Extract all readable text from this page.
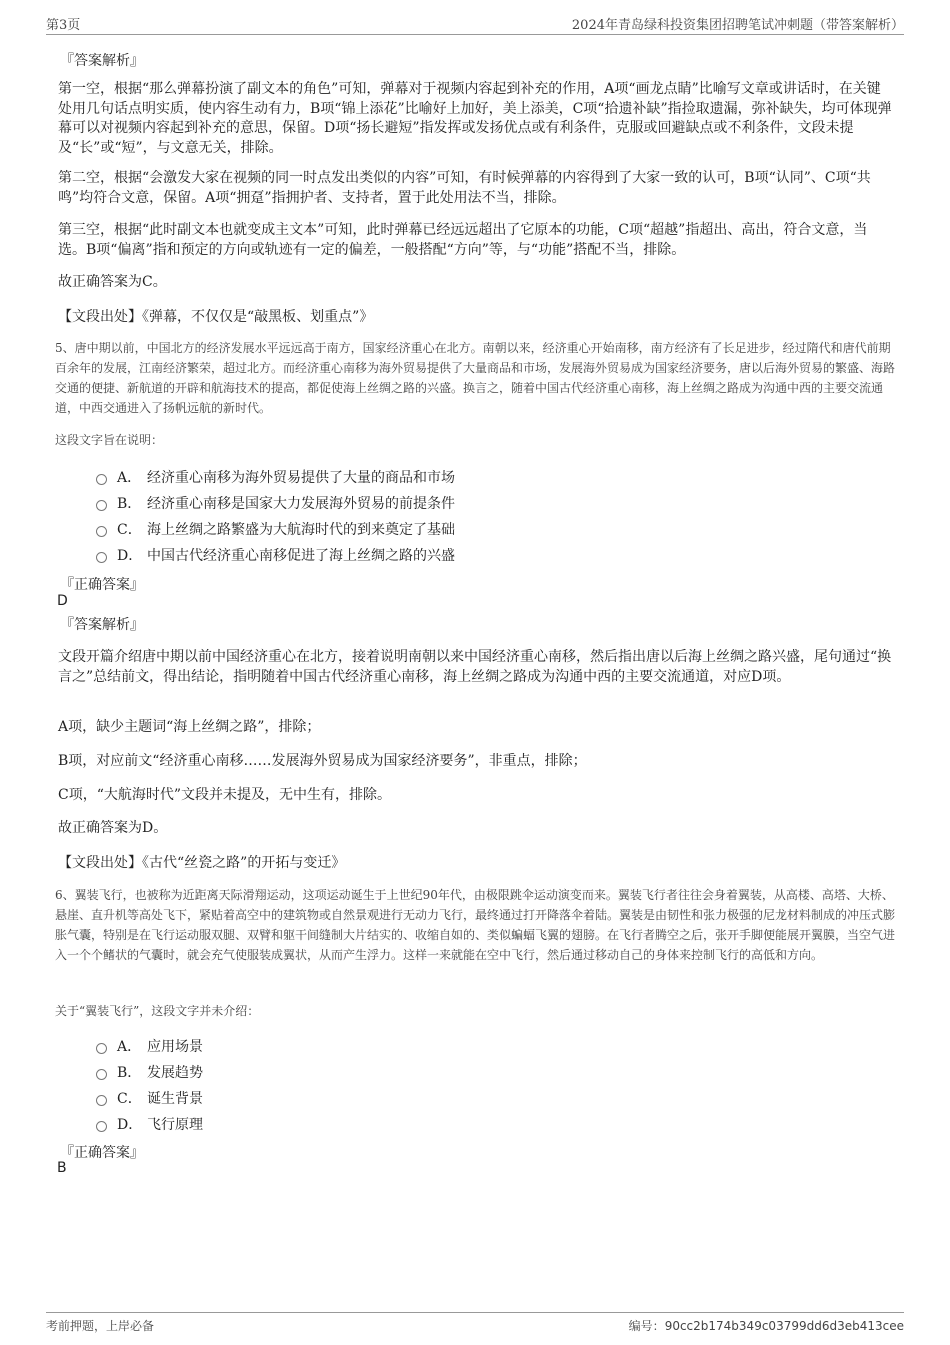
第3页	2024年青岛绿科投资集团招聘笔试冲刺题（带答案解析）
『答案解析』

第一空，根据“那么弹幕扮演了副文本的角色”可知，弹幕对于视频内容起到补充的作用，A项“画龙点睛”比喻写文章或讲话时，在关键处用几句话点明实质，使内容生动有力，B项“锦上添花”比喻好上加好，美上添美，C项“拾遗补缺”指捡取遗漏，弥补缺失，均可体现弹幕可以对视频内容起到补充的意思，保留。D项“扬长避短”指发挥或发扬优点或有利条件，克服或回避缺点或不利条件，文段未提及“长”或“短”，与文意无关，排除。

第二空，根据“会激发大家在视频的同一时点发出类似的内容”可知，有时候弹幕的内容得到了大家一致的认可，B项“认同”、C项“共鸣”均符合文意，保留。A项“拥趸”指拥护者、支持者，置于此处用法不当，排除。

第三空，根据“此时副文本也就变成主文本”可知，此时弹幕已经远远超出了它原本的功能，C项“超越”指超出、高出，符合文意，当选。B项“偏离”指和预定的方向或轨迹有一定的偏差，一般搭配“方向”等，与“功能”搭配不当，排除。

故正确答案为C。
【文段出处】《弹幕，不仅仅是“敲黑板、划重点”》

5、唐中期以前，中国北方的经济发展水平远远高于南方，国家经济重心在北方。南朝以来，经济重心开始南移，南方经济有了长足进步，经过隋代和唐代前期百余年的发展，江南经济繁荣，超过北方。而经济重心南移为海外贸易提供了大量商品和市场，发展海外贸易成为国家经济要务，唐以后海外贸易的繁盛、海路交通的便捷、新航道的开辟和航海技术的提高，都促使海上丝绸之路的兴盛。换言之，随着中国古代经济重心南移，海上丝绸之路成为沟通中西的主要交流通道，中西交通进入了扬帆远航的新时代。

这段文字旨在说明：
A． 经济重心南移为海外贸易提供了大量的商品和市场
B． 经济重心南移是国家大力发展海外贸易的前提条件
C． 海上丝绸之路繁盛为大航海时代的到来奠定了基础
D． 中国古代经济重心南移促进了海上丝绸之路的兴盛
『正确答案』
D
『答案解析』

文段开篇介绍唐中期以前中国经济重心在北方，接着说明南朝以来中国经济重心南移，然后指出唐以后海上丝绸之路兴盛，尾句通过“换言之”总结前文，得出结论，指明随着中国古代经济重心南移，海上丝绸之路成为沟通中西的主要交流通道，对应D项。

A项，缺少主题词“海上丝绸之路”，排除；
B项，对应前文“经济重心南移……发展海外贸易成为国家经济要务”，非重点，排除；
C项，“大航海时代”文段并未提及，无中生有，排除。
故正确答案为D。
【文段出处】《古代“丝瓷之路”的开拓与变迁》

6、翼装飞行，也被称为近距离天际滑翔运动，这项运动诞生于上世纪90年代，由极限跳伞运动演变而来。翼装飞行者往往会身着翼装，从高楼、高塔、大桥、悬崖、直升机等高处飞下，紧贴着高空中的建筑物或自然景观进行无动力飞行，最终通过打开降落伞着陆。翼装是由韧性和张力极强的尼龙材料制成的冲压式膨胀气囊，特别是在飞行运动服双腿、双臂和躯干间缝制大片结实的、收缩自如的、类似蝙蝠飞翼的翅膀。在飞行者腾空之后，张开手脚便能展开翼膜，当空气进入一个个鳍状的气囊时，就会充气使服装成翼状，从而产生浮力。这样一来就能在空中飞行，然后通过移动自己的身体来控制飞行的高低和方向。

关于“翼装飞行”，这段文字并未介绍：
A． 应用场景
B． 发展趋势
C． 诞生背景
D． 飞行原理
『正确答案』
B
考前押题，上岸必备	编号：90cc2b174b349c03799dd6d3eb413cee
